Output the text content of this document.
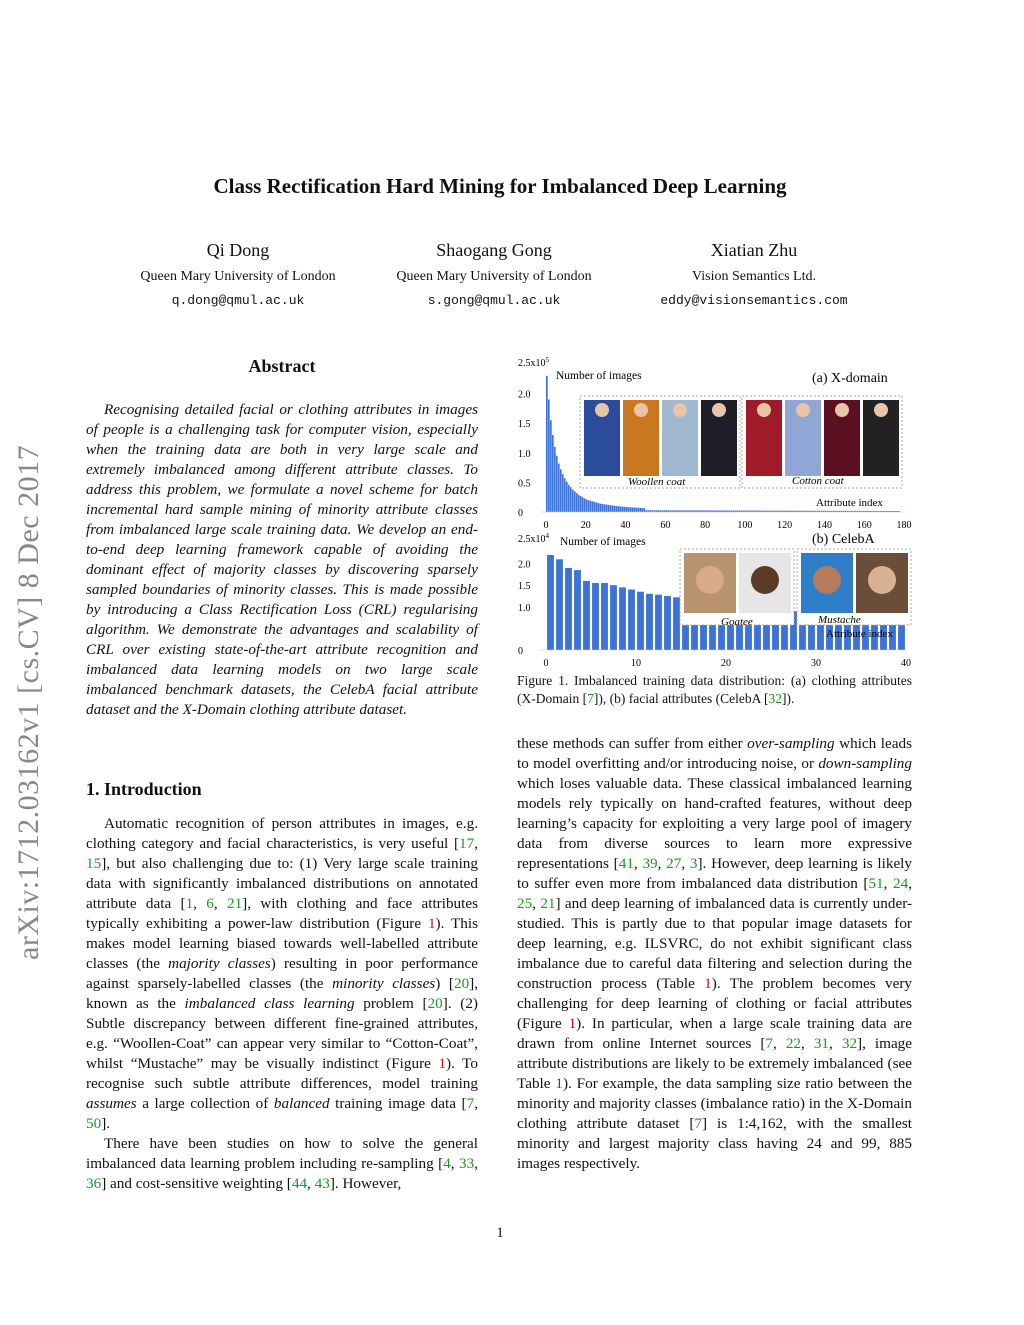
Class Rectification Hard Mining for Imbalanced Deep Learning
Qi Dong
Queen Mary University of London
q.dong@qmul.ac.uk
Shaogang Gong
Queen Mary University of London
s.gong@qmul.ac.uk
Xiatian Zhu
Vision Semantics Ltd.
eddy@visionsemantics.com
arXiv:1712.03162v1 [cs.CV] 8 Dec 2017
Abstract

Recognising detailed facial or clothing attributes in images of people is a challenging task for computer vision, especially when the training data are both in very large scale and extremely imbalanced among different attribute classes. To address this problem, we formulate a novel scheme for batch incremental hard sample mining of minority attribute classes from imbalanced large scale training data. We develop an end-to-end deep learning framework capable of avoiding the dominant effect of majority classes by discovering sparsely sampled boundaries of minority classes. This is made possible by introducing a Class Rectification Loss (CRL) regularising algorithm. We demonstrate the advantages and scalability of CRL over existing state-of-the-art attribute recognition and imbalanced data learning models on two large scale imbalanced benchmark datasets, the CelebA facial attribute dataset and the X-Domain clothing attribute dataset.

1. Introduction

Automatic recognition of person attributes in images, e.g. clothing category and facial characteristics, is very useful [17, 15], but also challenging due to: (1) Very large scale training data with significantly imbalanced distributions on annotated attribute data [1, 6, 21], with clothing and face attributes typically exhibiting a power-law distribution (Figure 1). This makes model learning biased towards well-labelled attribute classes (the majority classes) resulting in poor performance against sparsely-labelled classes (the minority classes) [20], known as the imbalanced class learning problem [20]. (2) Subtle discrepancy between different fine-grained attributes, e.g. “Woollen-Coat” can appear very similar to “Cotton-Coat”, whilst “Mustache” may be visually indistinct (Figure 1). To recognise such subtle attribute differences, model training assumes a large collection of balanced training image data [7, 50].

There have been studies on how to solve the general imbalanced data learning problem including re-sampling [4, 33, 36] and cost-sensitive weighting [44, 43]. However,

$2.5x10^5$
Number of images	(a) X-domain
0
0.5
1.0
1.5
2.0
0	20	40	60	80	100 120 140 160 180
Attribute index
Woollen coat	Cotton coat
$2.5x10^4$ Number of images	(b) CelebA
0
1.0
1.5
2.0
0	10	20	30	40
Attribute index
Goatee	Mustache
Figure 1. Imbalanced training data distribution: (a) clothing attributes (X-Domain [7]), (b) facial attributes (CelebA [32]).

these methods can suffer from either over-sampling which leads to model overfitting and/or introducing noise, or down-sampling which loses valuable data. These classical imbalanced learning models rely typically on hand-crafted features, without deep learning’s capacity for exploiting a very large pool of imagery data from diverse sources to learn more expressive representations [41, 39, 27, 3]. However, deep learning is likely to suffer even more from imbalanced data distribution [51, 24, 25, 21] and deep learning of imbalanced data is currently under-studied. This is partly due to that popular image datasets for deep learning, e.g. ILSVRC, do not exhibit significant class imbalance due to careful data filtering and selection during the construction process (Table 1). The problem becomes very challenging for deep learning of clothing or facial attributes (Figure 1). In particular, when a large scale training data are drawn from online Internet sources [7, 22, 31, 32], image attribute distributions are likely to be extremely imbalanced (see Table 1). For example, the data sampling size ratio between the minority and majority classes (imbalance ratio) in the X-Domain clothing attribute dataset [7] is 1:4,162, with the smallest minority and largest majority class having 24 and 99, 885 images respectively.

1
